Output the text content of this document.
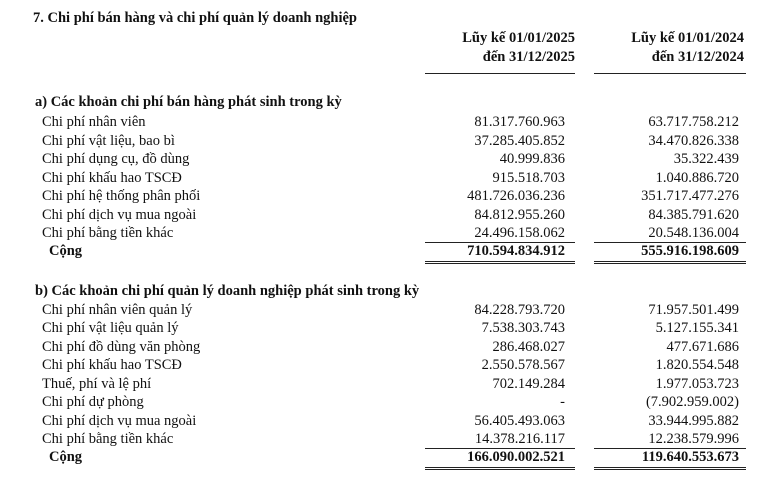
7. Chi phí bán hàng và chi phí quản lý doanh nghiệp
Lũy kế 01/01/2025
đến 31/12/2025
Lũy kế 01/01/2024
đến 31/12/2024
a) Các khoản chi phí bán hàng phát sinh trong kỳ
Chi phí nhân viên	81.317.760.963	63.717.758.212
Chi phí vật liệu, bao bì	37.285.405.852	34.470.826.338
Chi phí dụng cụ, đồ dùng	40.999.836	35.322.439
Chi phí khấu hao TSCĐ	915.518.703	1.040.886.720
Chi phí hệ thống phân phối	481.726.036.236	351.717.477.276
Chi phí dịch vụ mua ngoài	84.812.955.260	84.385.791.620
Chi phí bằng tiền khác	24.496.158.062	20.548.136.004
Cộng	710.594.834.912	555.916.198.609
b) Các khoản chi phí quản lý doanh nghiệp phát sinh trong kỳ
Chi phí nhân viên quản lý	84.228.793.720	71.957.501.499
Chi phí vật liệu quản lý	7.538.303.743	5.127.155.341
Chi phí đồ dùng văn phòng	286.468.027	477.671.686
Chi phí khấu hao TSCĐ	2.550.578.567	1.820.554.548
Thuế, phí và lệ phí	702.149.284	1.977.053.723
Chi phí dự phòng	-	(7.902.959.002)
Chi phí dịch vụ mua ngoài	56.405.493.063	33.944.995.882
Chi phí bằng tiền khác	14.378.216.117	12.238.579.996
Cộng	166.090.002.521	119.640.553.673
